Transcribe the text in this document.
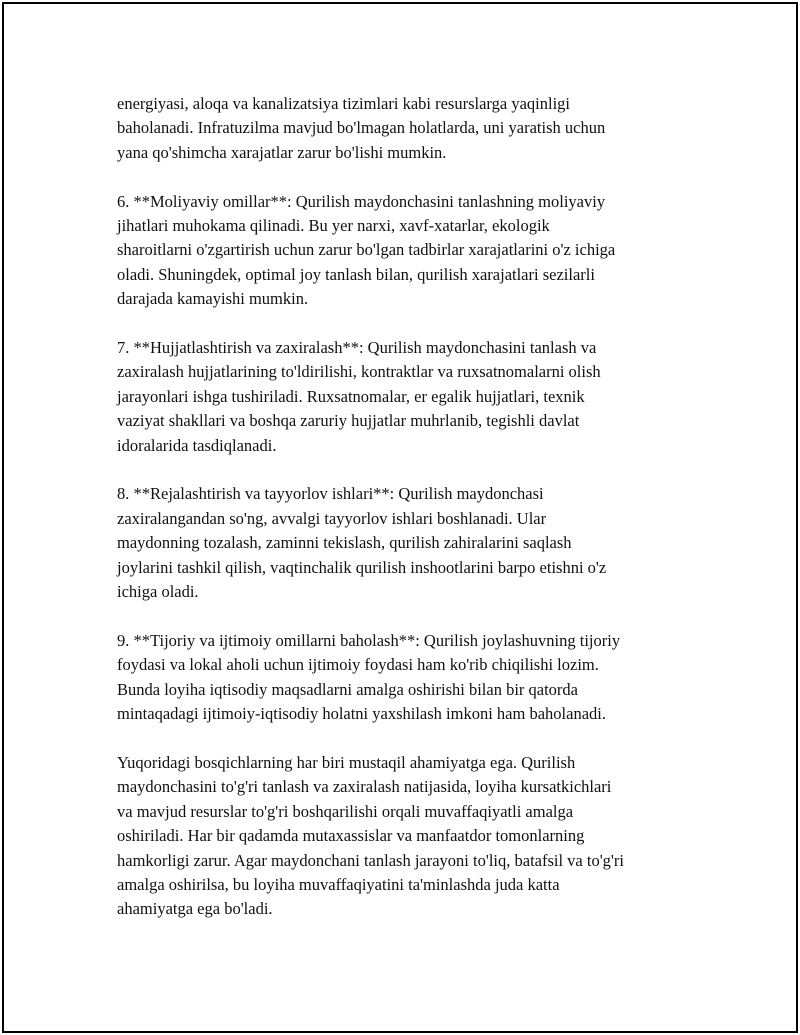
energiyasi, aloqa va kanalizatsiya tizimlari kabi resurslarga yaqinligi
baholanadi. Infratuzilma mavjud bo'lmagan holatlarda, uni yaratish uchun
yana qo'shimcha xarajatlar zarur bo'lishi mumkin.

6. **Moliyaviy omillar**: Qurilish maydonchasini tanlashning moliyaviy
jihatlari muhokama qilinadi. Bu yer narxi, xavf-xatarlar, ekologik
sharoitlarni o'zgartirish uchun zarur bo'lgan tadbirlar xarajatlarini o'z ichiga
oladi. Shuningdek, optimal joy tanlash bilan, qurilish xarajatlari sezilarli
darajada kamayishi mumkin.

7. **Hujjatlashtirish va zaxiralash**: Qurilish maydonchasini tanlash va
zaxiralash hujjatlarining to'ldirilishi, kontraktlar va ruxsatnomalarni olish
jarayonlari ishga tushiriladi. Ruxsatnomalar, er egalik hujjatlari, texnik
vaziyat shakllari va boshqa zaruriy hujjatlar muhrlanib, tegishli davlat
idoralarida tasdiqlanadi.

8. **Rejalashtirish va tayyorlov ishlari**: Qurilish maydonchasi
zaxiralangandan so'ng, avvalgi tayyorlov ishlari boshlanadi. Ular
maydonning tozalash, zaminni tekislash, qurilish zahiralarini saqlash
joylarini tashkil qilish, vaqtinchalik qurilish inshootlarini barpo etishni o'z
ichiga oladi.

9. **Tijoriy va ijtimoiy omillarni baholash**: Qurilish joylashuvning tijoriy
foydasi va lokal aholi uchun ijtimoiy foydasi ham ko'rib chiqilishi lozim.
Bunda loyiha iqtisodiy maqsadlarni amalga oshirishi bilan bir qatorda
mintaqadagi ijtimoiy-iqtisodiy holatni yaxshilash imkoni ham baholanadi.

Yuqoridagi bosqichlarning har biri mustaqil ahamiyatga ega. Qurilish
maydonchasini to'g'ri tanlash va zaxiralash natijasida, loyiha kursatkichlari
va mavjud resurslar to'g'ri boshqarilishi orqali muvaffaqiyatli amalga
oshiriladi. Har bir qadamda mutaxassislar va manfaatdor tomonlarning
hamkorligi zarur. Agar maydonchani tanlash jarayoni to'liq, batafsil va to'g'ri
amalga oshirilsa, bu loyiha muvaffaqiyatini ta'minlashda juda katta
ahamiyatga ega bo'ladi.
